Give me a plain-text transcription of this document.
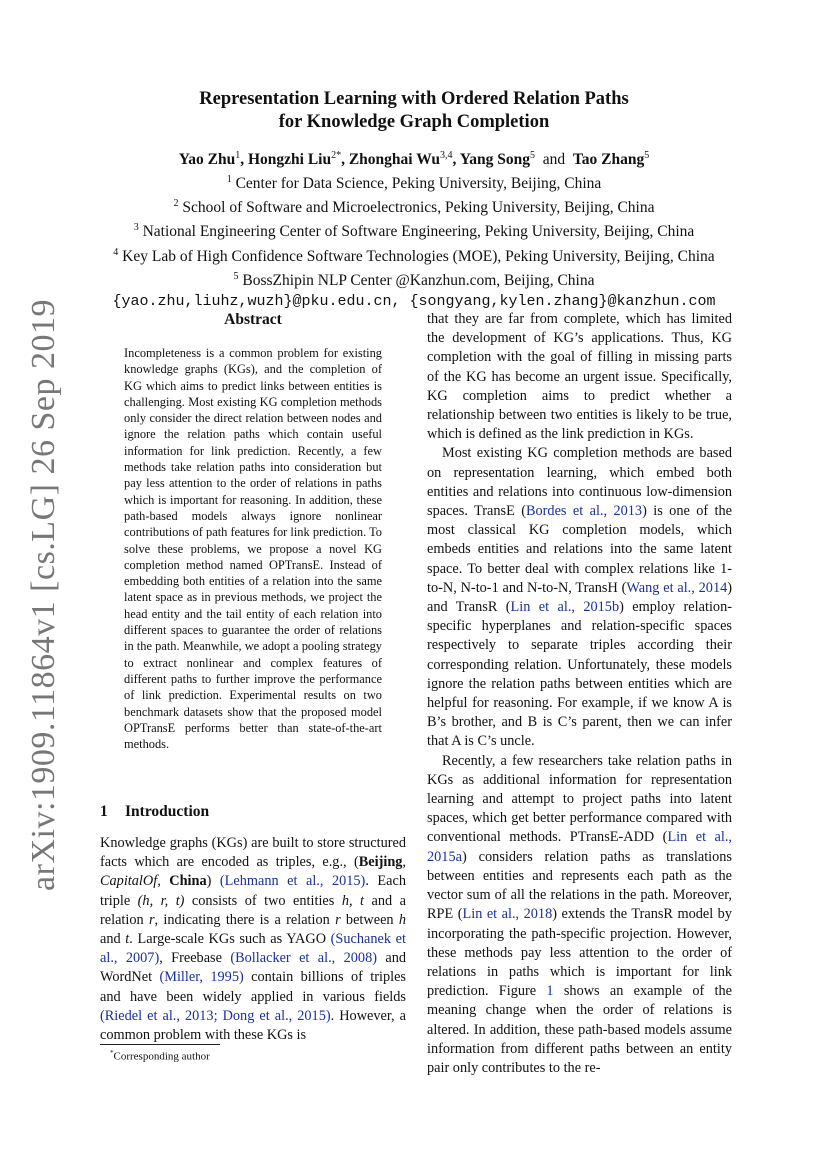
arXiv:1909.11864v1 [cs.LG] 26 Sep 2019

Representation Learning with Ordered Relation Paths
for Knowledge Graph Completion

Yao Zhu$^1$, Hongzhi Liu$^{2*}$, Zhonghai Wu$^{3,4}$, Yang Song$^5$ and Tao Zhang$^5$
$^1$ Center for Data Science, Peking University, Beijing, China
$^2$ School of Software and Microelectronics, Peking University, Beijing, China
$^3$ National Engineering Center of Software Engineering, Peking University, Beijing, China
$^4$ Key Lab of High Confidence Software Technologies (MOE), Peking University, Beijing, China
$^5$ BossZhipin NLP Center @Kanzhun.com, Beijing, China
{yao.zhu,liuhz,wuzh}@pku.edu.cn, {songyang,kylen.zhang}@kanzhun.com
Abstract
Incompleteness is a common problem for existing knowledge graphs (KGs), and the completion of KG which aims to predict links between entities is challenging. Most existing KG completion methods only consider the direct relation between nodes and ignore the relation paths which contain useful information for link prediction. Recently, a few methods take relation paths into consideration but pay less attention to the order of relations in paths which is important for reasoning. In addition, these path-based models always ignore nonlinear contributions of path features for link prediction. To solve these problems, we propose a novel KG completion method named OPTransE. Instead of embedding both entities of a relation into the same latent space as in previous methods, we project the head entity and the tail entity of each relation into different spaces to guarantee the order of relations in the path. Meanwhile, we adopt a pooling strategy to extract nonlinear and complex features of different paths to further improve the performance of link prediction. Experimental results on two benchmark datasets show that the proposed model OPTransE performs better than state-of-the-art methods.
1 Introduction

Knowledge graphs (KGs) are built to store structured facts which are encoded as triples, e.g., (Beijing, CapitalOf, China) (Lehmann et al., 2015). Each triple (h, r, t) consists of two entities h, t and a relation r, indicating there is a relation r between h and t. Large-scale KGs such as YAGO (Suchanek et al., 2007), Freebase (Bollacker et al., 2008) and WordNet (Miller, 1995) contain billions of triples and have been widely applied in various fields (Riedel et al., 2013; Dong et al., 2015). However, a common problem with these KGs is

*Corresponding author

that they are far from complete, which has limited the development of KG’s applications. Thus, KG completion with the goal of filling in missing parts of the KG has become an urgent issue. Specifically, KG completion aims to predict whether a relationship between two entities is likely to be true, which is defined as the link prediction in KGs.

Most existing KG completion methods are based on representation learning, which embed both entities and relations into continuous low-dimension spaces. TransE (Bordes et al., 2013) is one of the most classical KG completion models, which embeds entities and relations into the same latent space. To better deal with complex relations like 1-to-N, N-to-1 and N-to-N, TransH (Wang et al., 2014) and TransR (Lin et al., 2015b) employ relation-specific hyperplanes and relation-specific spaces respectively to separate triples according their corresponding relation. Unfortunately, these models ignore the relation paths between entities which are helpful for reasoning. For example, if we know A is B’s brother, and B is C’s parent, then we can infer that A is C’s uncle.

Recently, a few researchers take relation paths in KGs as additional information for representation learning and attempt to project paths into latent spaces, which get better performance compared with conventional methods. PTransE-ADD (Lin et al., 2015a) considers relation paths as translations between entities and represents each path as the vector sum of all the relations in the path. Moreover, RPE (Lin et al., 2018) extends the TransR model by incorporating the path-specific projection. However, these methods pay less attention to the order of relations in paths which is important for link prediction. Figure 1 shows an example of the meaning change when the order of relations is altered. In addition, these path-based models assume information from different paths between an entity pair only contributes to the re-
